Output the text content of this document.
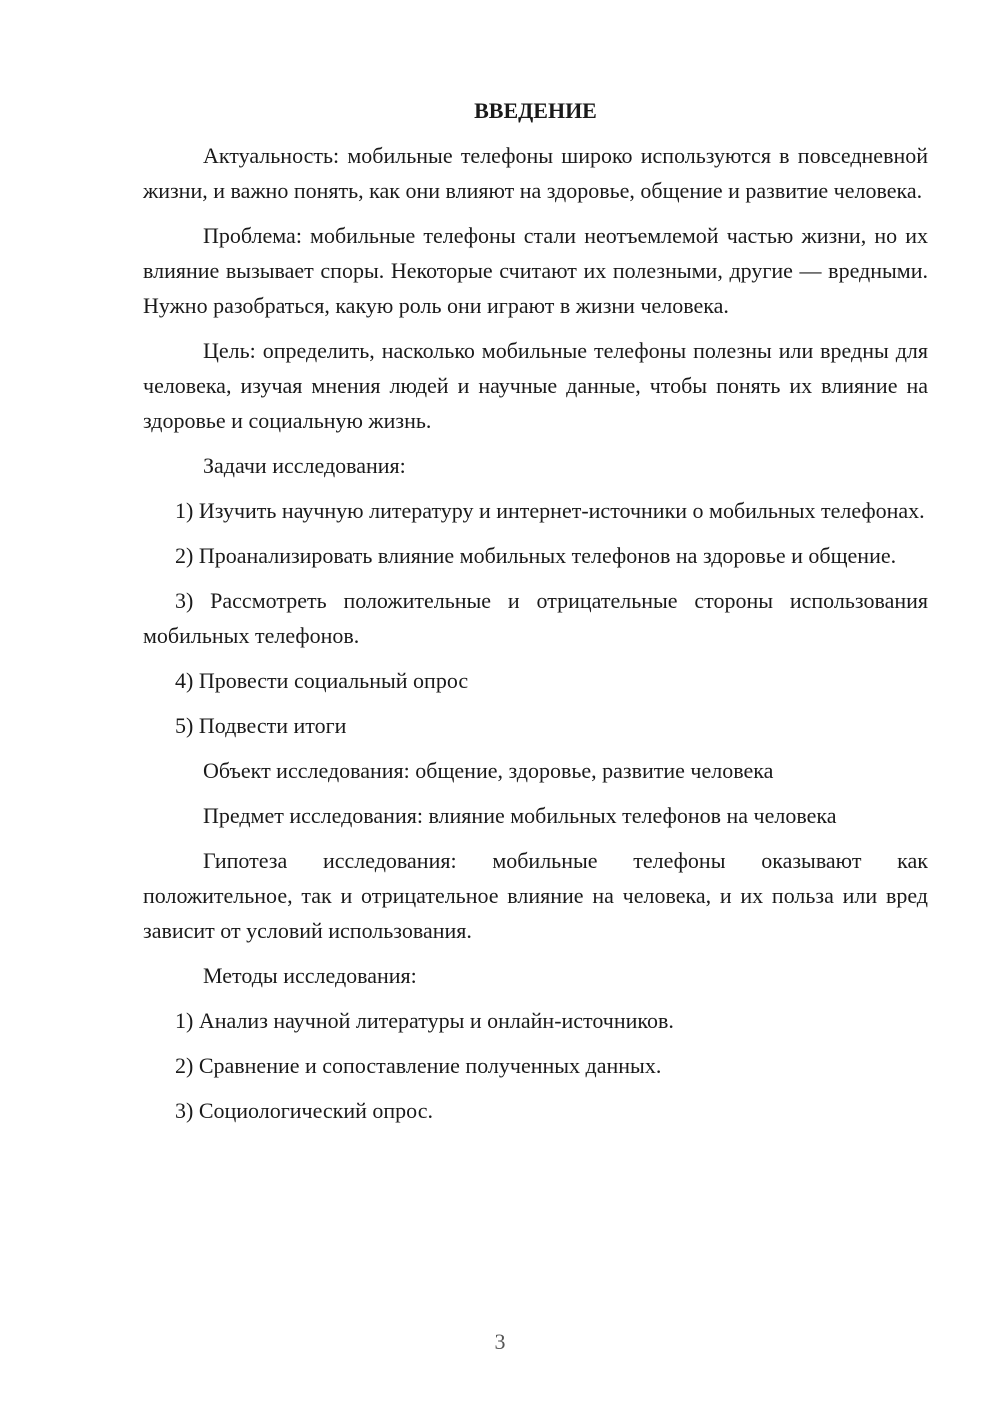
ВВЕДЕНИЕ

Актуальность: мобильные телефоны широко используются в повседневной жизни, и важно понять, как они влияют на здоровье, общение и развитие человека.

Проблема: мобильные телефоны стали неотъемлемой частью жизни, но их влияние вызывает споры. Некоторые считают их полезными, другие — вредными. Нужно разобраться, какую роль они играют в жизни человека.

Цель: определить, насколько мобильные телефоны полезны или вредны для человека, изучая мнения людей и научные данные, чтобы понять их влияние на здоровье и социальную жизнь.

Задачи исследования:

1) Изучить научную литературу и интернет-источники о мобильных телефонах.

2) Проанализировать влияние мобильных телефонов на здоровье и общение.

3) Рассмотреть положительные и отрицательные стороны использования мобильных телефонов.

4) Провести социальный опрос

5) Подвести итоги

Объект исследования: общение, здоровье, развитие человека

Предмет исследования: влияние мобильных телефонов на человека

Гипотеза исследования: мобильные телефоны оказывают как положительное, так и отрицательное влияние на человека, и их польза или вред зависит от условий использования.

Методы исследования:

1) Анализ научной литературы и онлайн-источников.

2) Сравнение и сопоставление полученных данных.

3) Социологический опрос.

3
